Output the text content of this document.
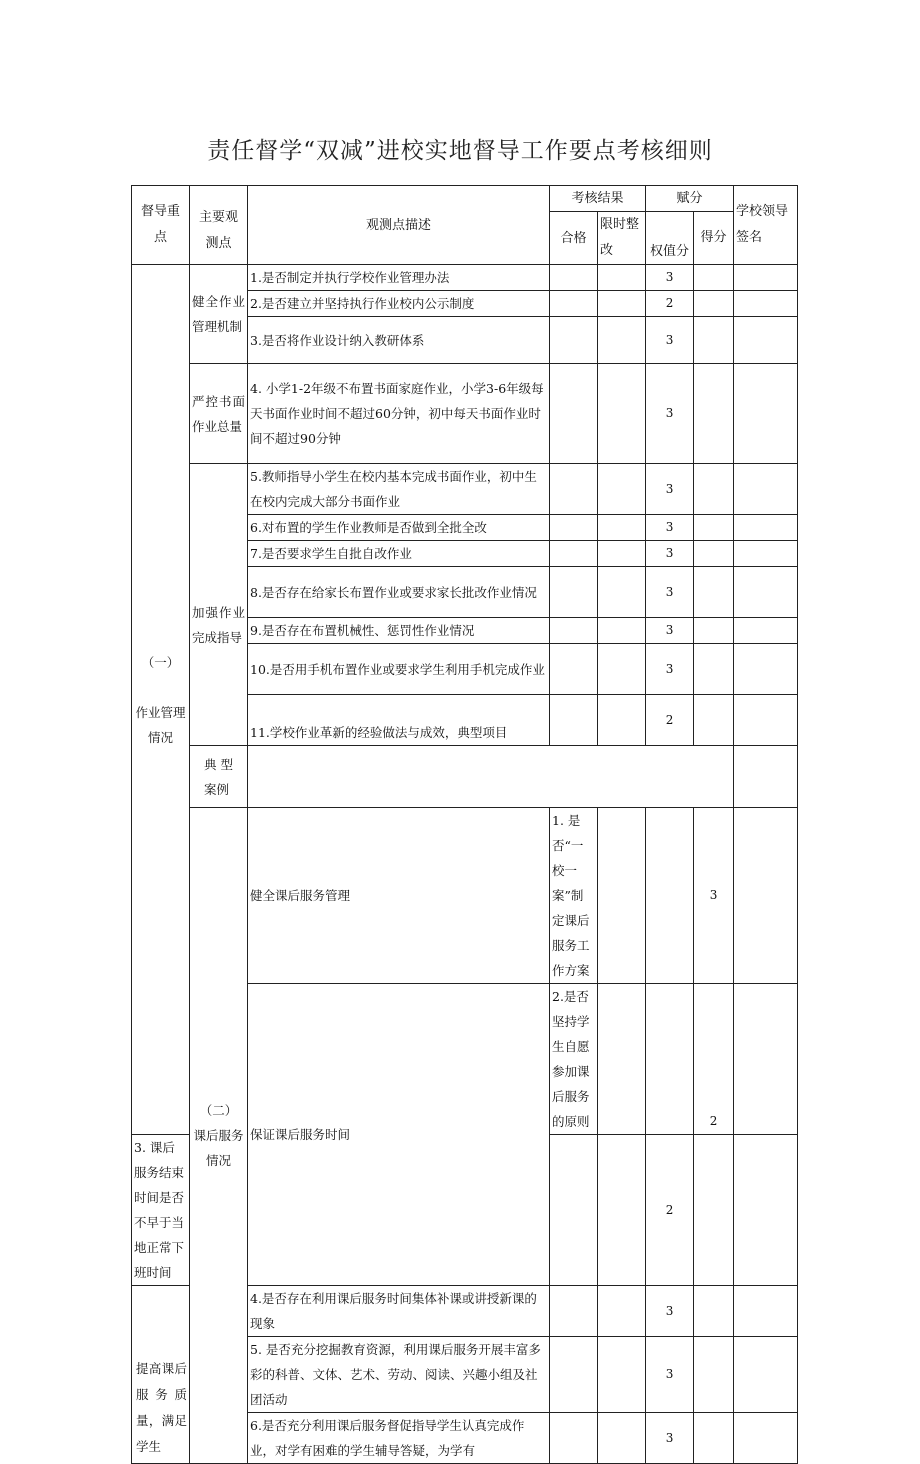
责任督学“双减”进校实地督导工作要点考核细则
督导重点	主要观测点	观测点描述	考核结果		赋分		学校领导签名	
			合格	限时整改	权值分	得分		
（一）

作业管理情况	健全作业管理机制	1.是否制定并执行学校作业管理办法			3			
		2.是否建立并坚持执行作业校内公示制度			2			
		3.是否将作业设计纳入教研体系			3			
	严控书面作业总量	4. 小学1-2年级不布置书面家庭作业，小学3-6年级每天书面作业时间不超过60分钟，初中每天书面作业时间不超过90分钟			3			
	加强作业完成指导	5.教师指导小学生在校内基本完成书面作业，初中生在校内完成大部分书面作业			3			
		6.对布置的学生作业教师是否做到全批全改			3			
		7.是否要求学生自批自改作业			3			
		8.是否存在给家长布置作业或要求家长批改作业情况			3			
		9.是否存在布置机械性、惩罚性作业情况			3			
		10.是否用手机布置作业或要求学生利用手机完成作业			3			
		11.学校作业革新的经验做法与成效，典型项目			2			
	典型案例							
	（二）
课后服务情况	健全课后服务管理	1. 是否“一校一案”制定课后服务工作方案			3		
		保证课后服务时间	2.是否坚持学生自愿参加课后服务的原则			2		
3. 课后服务结束时间是否不早于当地正常下班时间					2			
提高课后服务质量，满足学生		4.是否存在利用课后服务时间集体补课或讲授新课的现象			3			
		5. 是否充分挖掘教育资源，利用课后服务开展丰富多彩的科普、文体、艺术、劳动、阅读、兴趣小组及社团活动			3			
		6.是否充分利用课后服务督促指导学生认真完成作业，对学有困难的学生辅导答疑，为学有			3			
